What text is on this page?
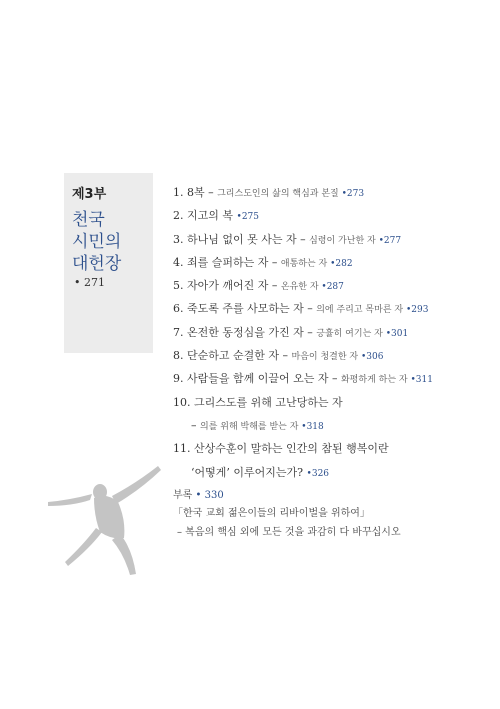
제3부
천국
시민의
대헌장
• 271
1. 8복 – 그리스도인의 삶의 핵심과 본질 •273
2. 지고의 복 •275
3. 하나님 없이 못 사는 자 – 심령이 가난한 자 •277
4. 죄를 슬퍼하는 자 – 애통하는 자 •282
5. 자아가 깨어진 자 – 온유한 자 •287
6. 죽도록 주를 사모하는 자 – 의에 주리고 목마른 자 •293
7. 온전한 동정심을 가진 자 – 긍휼히 여기는 자 •301
8. 단순하고 순결한 자 – 마음이 청결한 자 •306
9. 사람들을 함께 이끌어 오는 자 – 화평하게 하는 자 •311
10. 그리스도를 위해 고난당하는 자
– 의를 위해 박해를 받는 자 •318
11. 산상수훈이 말하는 인간의 참된 행복이란
‘어떻게’ 이루어지는가? •326
부록 • 330
「한국 교회 젊은이들의 리바이벌을 위하여」
– 복음의 핵심 외에 모든 것을 과감히 다 바꾸십시오
